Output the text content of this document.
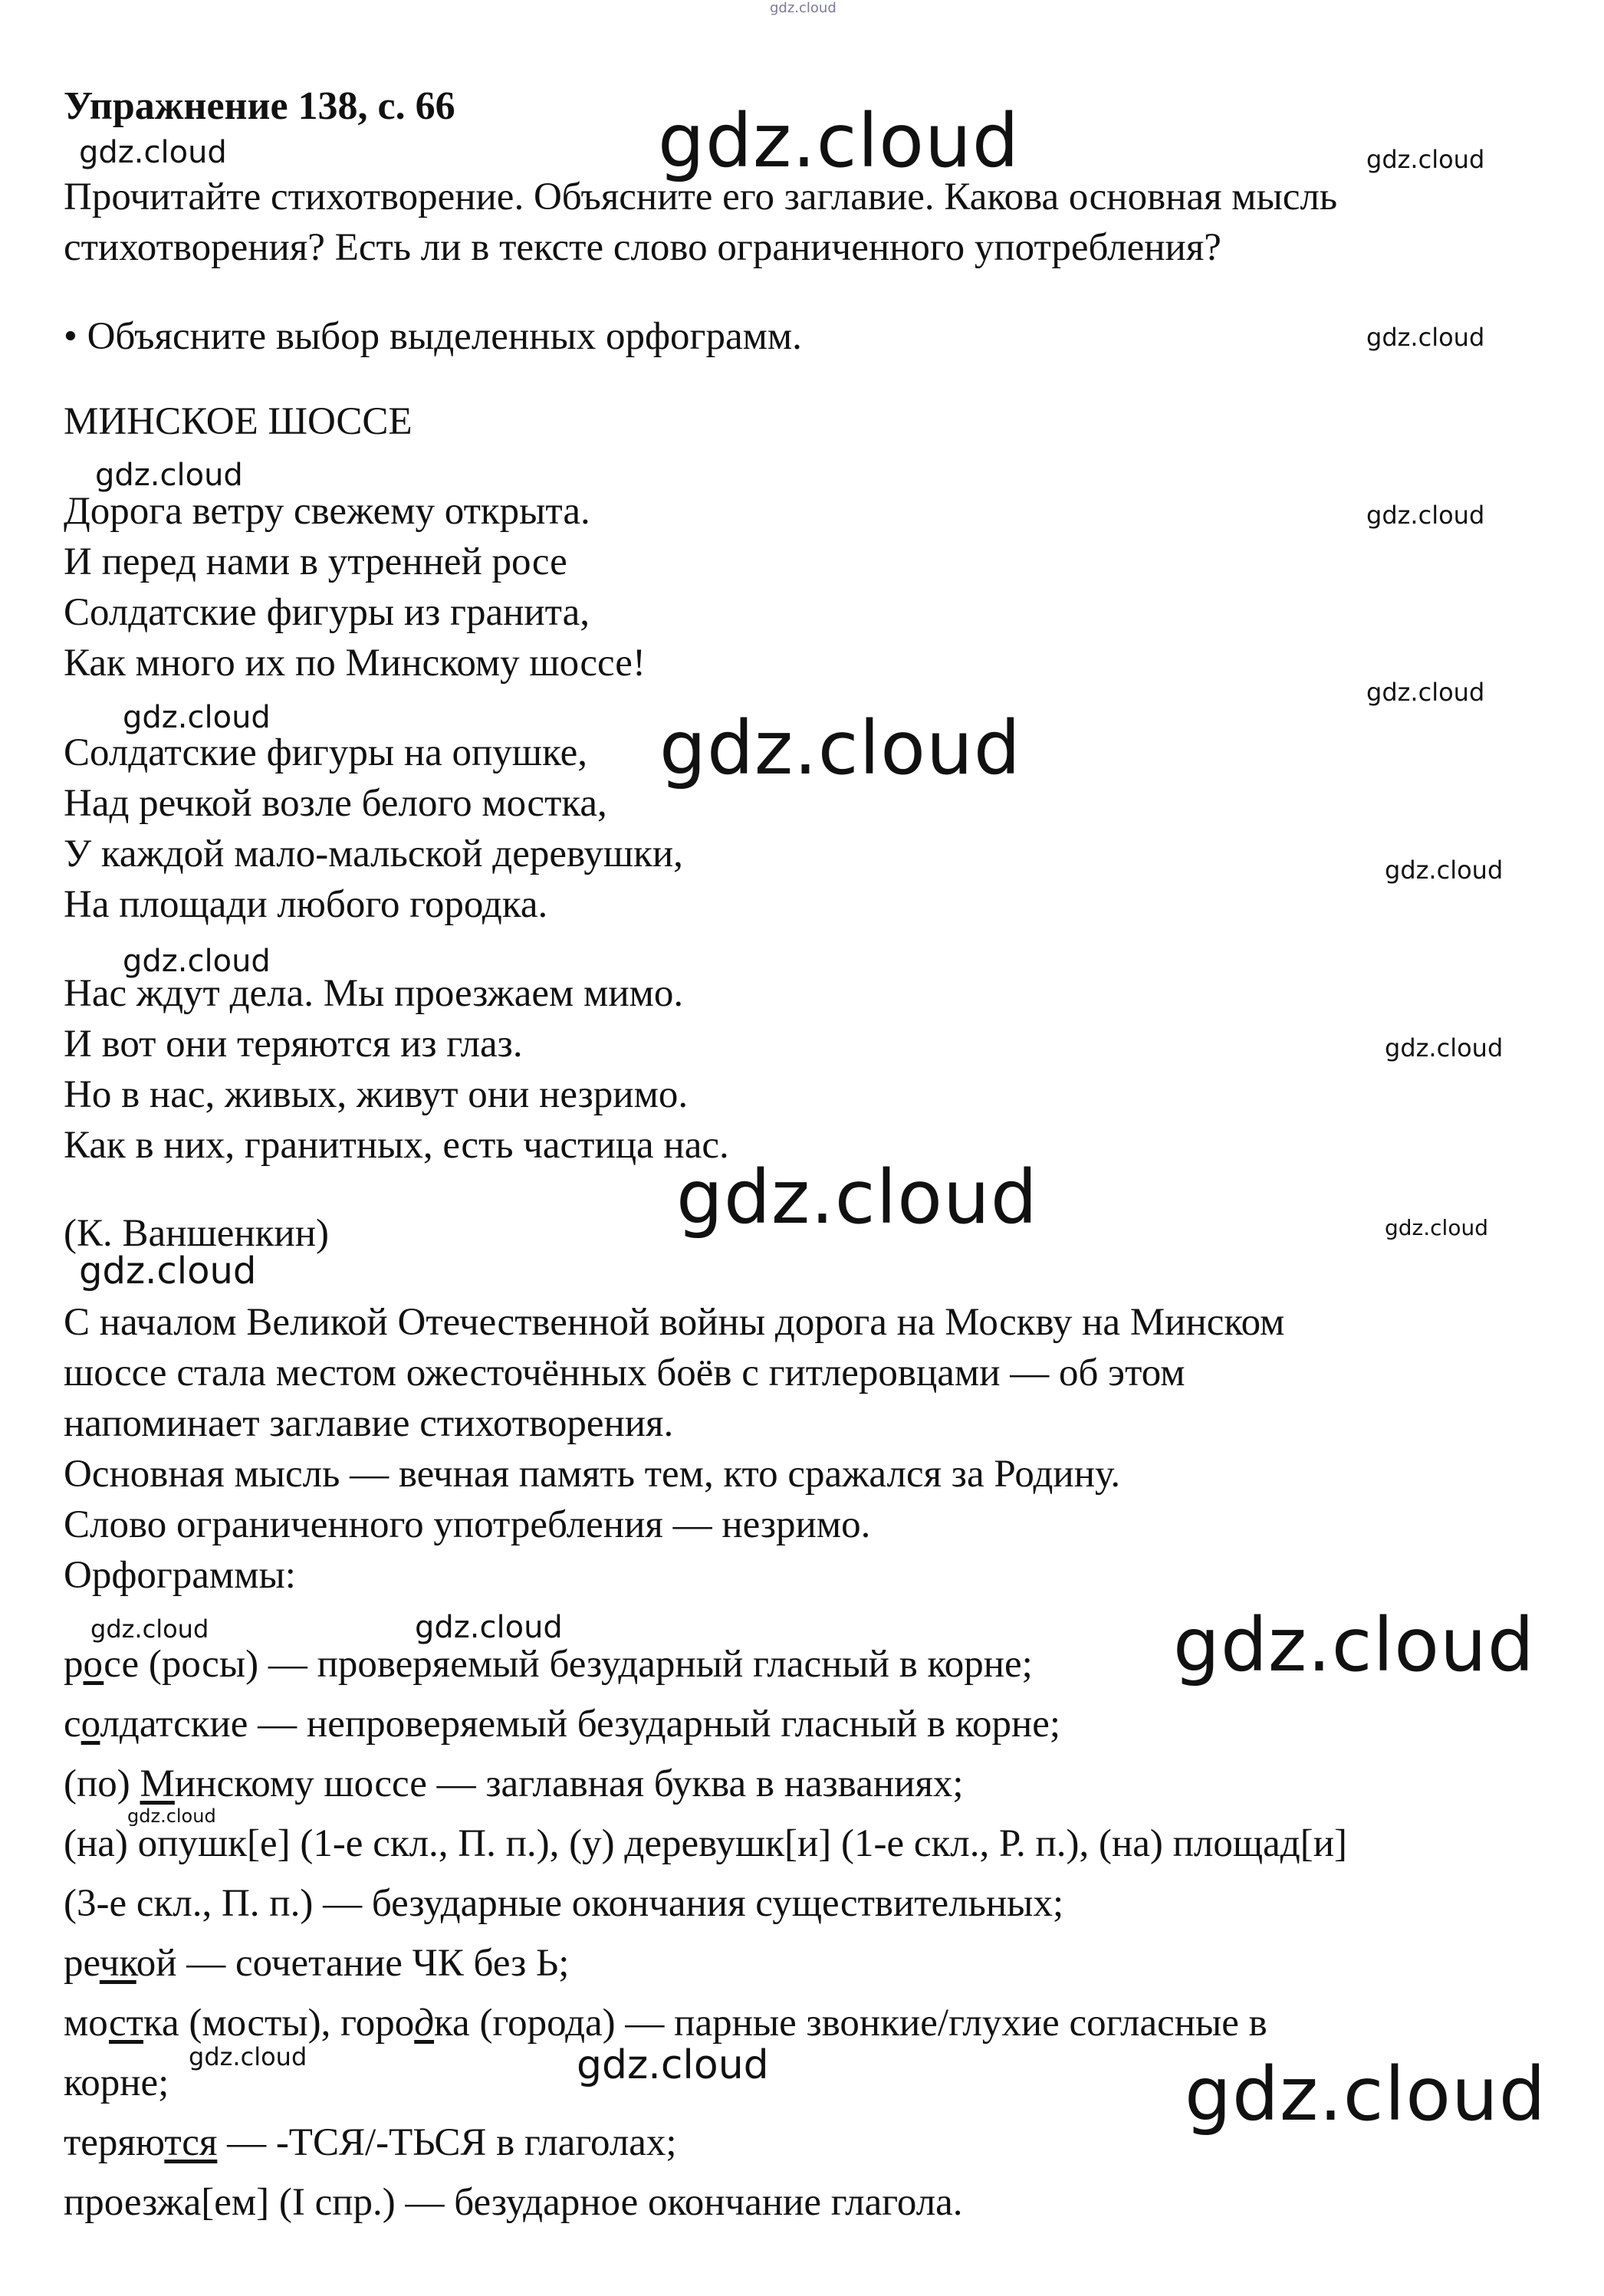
gdz.cloud
gdz.cloud	gdz.cloud	gdz.cloud
gdz.cloud
gdz.cloud
gdz.cloud
gdz.cloud
gdz.cloud	gdz.cloud
gdz.cloud
gdz.cloud
gdz.cloud
gdz.cloud	gdz.cloud
gdz.cloud
gdz.cloud	gdz.cloud	gdz.cloud
gdz.cloud
gdz.cloud	gdz.cloud	gdz.cloud
Упражнение 138, с. 66
Прочитайте стихотворение. Объясните его заглавие. Какова основная мысль
стихотворения? Есть ли в тексте слово ограниченного употребления?
• Объясните выбор выделенных орфограмм.
МИНСКОЕ ШОССЕ
Дорога ветру свежему открыта.
И перед нами в утренней росе
Солдатские фигуры из гранита,
Как много их по Минскому шоссе!
Солдатские фигуры на опушке,
Над речкой возле белого мостка,
У каждой мало-мальской деревушки,
На площади любого городка.
Нас ждут дела. Мы проезжаем мимо.
И вот они теряются из глаз.
Но в нас, живых, живут они незримо.
Как в них, гранитных, есть частица нас.
(К. Ваншенкин)
С началом Великой Отечественной войны дорога на Москву на Минском
шоссе стала местом ожесточённых боёв с гитлеровцами — об этом
напоминает заглавие стихотворения.
Основная мысль — вечная память тем, кто сражался за Родину.
Слово ограниченного употребления — незримо.
Орфограммы:
росе (росы) — проверяемый безударный гласный в корне;
солдатские — непроверяемый безударный гласный в корне;
(по) Минскому шоссе — заглавная буква в названиях;
(на) опушк[е] (1-е скл., П. п.), (у) деревушк[и] (1-е скл., Р. п.), (на) площад[и]
(3-е скл., П. п.) — безударные окончания существительных;
речкой — сочетание ЧК без Ь;
мостка (мосты), городка (города) — парные звонкие/глухие согласные в
корне;
теряются — -ТСЯ/-ТЬСЯ в глаголах;
проезжа[ем] (I спр.) — безударное окончание глагола.
